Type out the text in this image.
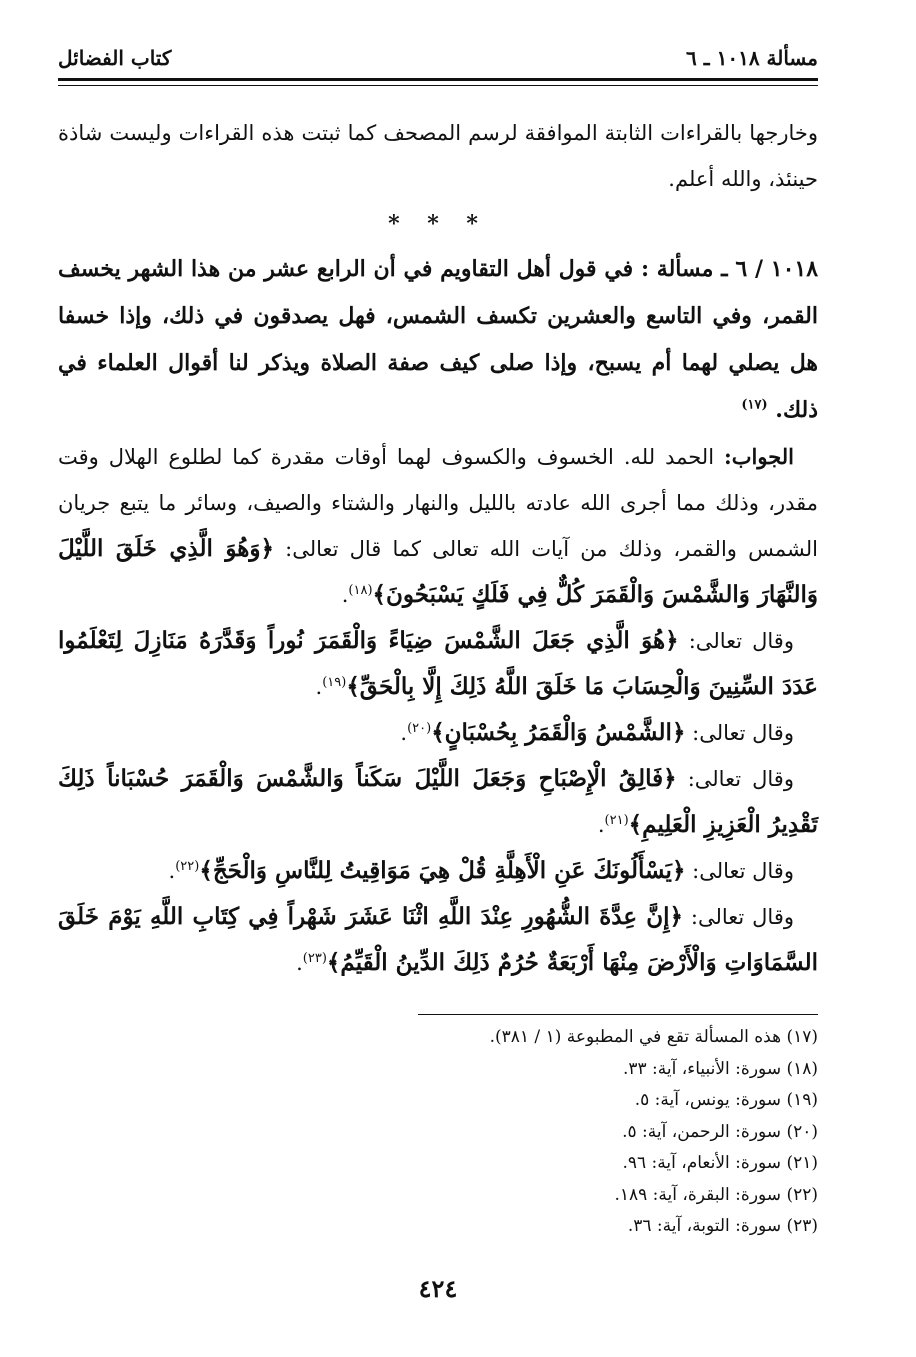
مسألة ١٠١٨ ـ ٦
كتاب الفضائل

وخارجها بالقراءات الثابتة الموافقة لرسم المصحف كما ثبتت هذه القراءات وليست شاذة حينئذ، والله أعلم.

* * *

١٠١٨ / ٦ ـ مسألة : في قول أهل التقاويم في أن الرابع عشر من هذا الشهر يخسف القمر، وفي التاسع والعشرين تكسف الشمس، فهل يصدقون في ذلك، وإذا خسفا هل يصلي لهما أم يسبح، وإذا صلى كيف صفة الصلاة ويذكر لنا أقوال العلماء في ذلك. $^{(١٧)}$

الجواب: الحمد لله. الخسوف والكسوف لهما أوقات مقدرة كما لطلوع الهلال وقت مقدر، وذلك مما أجرى الله عادته بالليل والنهار والشتاء والصيف، وسائر ما يتبع جريان الشمس والقمر، وذلك من آيات الله تعالى كما قال تعالى: ﴿وَهُوَ الَّذِي خَلَقَ اللَّيْلَ وَالنَّهَارَ وَالشَّمْسَ وَالْقَمَرَ كُلٌّ فِي فَلَكٍ يَسْبَحُونَ﴾$^{(١٨)}$.

وقال تعالى: ﴿هُوَ الَّذِي جَعَلَ الشَّمْسَ ضِيَاءً وَالْقَمَرَ نُوراً وَقَدَّرَهُ مَنَازِلَ لِتَعْلَمُوا عَدَدَ السِّنِينَ وَالْحِسَابَ مَا خَلَقَ اللَّهُ ذَلِكَ إِلَّا بِالْحَقِّ﴾$^{(١٩)}$.

وقال تعالى: ﴿الشَّمْسُ وَالْقَمَرُ بِحُسْبَانٍ﴾$^{(٢٠)}$.

وقال تعالى: ﴿فَالِقُ الْإِصْبَاحِ وَجَعَلَ اللَّيْلَ سَكَناً وَالشَّمْسَ وَالْقَمَرَ حُسْبَاناً ذَلِكَ تَقْدِيرُ الْعَزِيزِ الْعَلِيمِ﴾$^{(٢١)}$.

وقال تعالى: ﴿يَسْأَلُونَكَ عَنِ الْأَهِلَّةِ قُلْ هِيَ مَوَاقِيتُ لِلنَّاسِ وَالْحَجِّ﴾$^{(٢٢)}$.

وقال تعالى: ﴿إِنَّ عِدَّةَ الشُّهُورِ عِنْدَ اللَّهِ اثْنَا عَشَرَ شَهْراً فِي كِتَابِ اللَّهِ يَوْمَ خَلَقَ السَّمَاوَاتِ وَالْأَرْضَ مِنْهَا أَرْبَعَةٌ حُرُمٌ ذَلِكَ الدِّينُ الْقَيِّمُ﴾$^{(٢٣)}$.

(١٧) هذه المسألة تقع في المطبوعة (١ / ٣٨١).

(١٨) سورة: الأنبياء، آية: ٣٣.

(١٩) سورة: يونس، آية: ٥.

(٢٠) سورة: الرحمن، آية: ٥.

(٢١) سورة: الأنعام، آية: ٩٦.

(٢٢) سورة: البقرة، آية: ١٨٩.

(٢٣) سورة: التوبة، آية: ٣٦.

٤٢٤
